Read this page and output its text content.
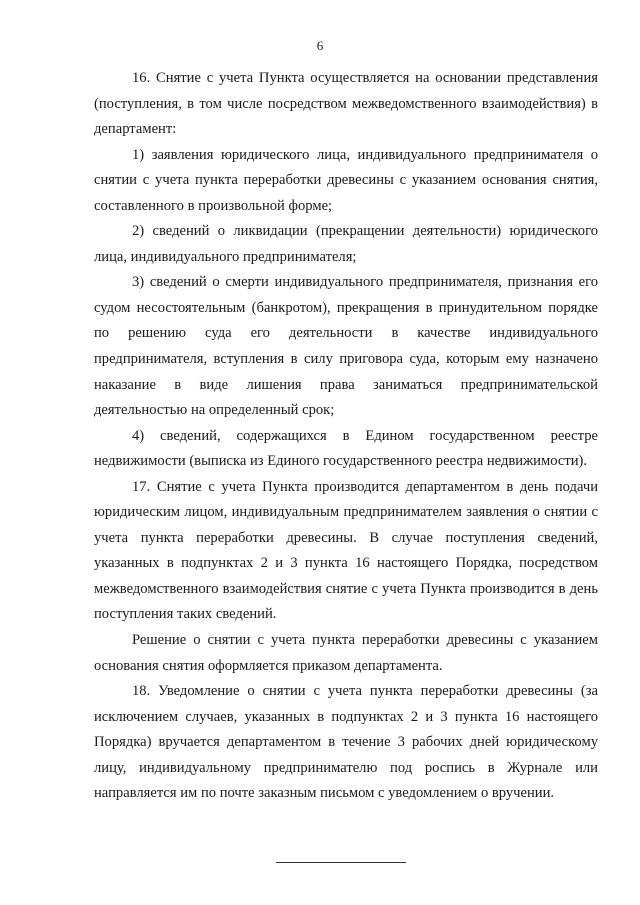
6

16. Снятие с учета Пункта осуществляется на основании представления (поступления, в том числе посредством межведомственного взаимодействия) в департамент:

1) заявления юридического лица, индивидуального предпринимателя о снятии с учета пункта переработки древесины с указанием основания снятия, составленного в произвольной форме;

2) сведений о ликвидации (прекращении деятельности) юридического лица, индивидуального предпринимателя;

3) сведений о смерти индивидуального предпринимателя, признания его судом несостоятельным (банкротом), прекращения в принудительном порядке по решению суда его деятельности в качестве индивидуального предпринимателя, вступления в силу приговора суда, которым ему назначено наказание в виде лишения права заниматься предпринимательской деятельностью на определенный срок;

4) сведений, содержащихся в Едином государственном реестре недвижимости (выписка из Единого государственного реестра недвижимости).

17. Снятие с учета Пункта производится департаментом в день подачи юридическим лицом, индивидуальным предпринимателем заявления о снятии с учета пункта переработки древесины. В случае поступления сведений, указанных в подпунктах 2 и 3 пункта 16 настоящего Порядка, посредством межведомственного взаимодействия снятие с учета Пункта производится в день поступления таких сведений.

Решение о снятии с учета пункта переработки древесины с указанием основания снятия оформляется приказом департамента.

18. Уведомление о снятии с учета пункта переработки древесины (за исключением случаев, указанных в подпунктах 2 и 3 пункта 16 настоящего Порядка) вручается департаментом в течение 3 рабочих дней юридическому лицу, индивидуальному предпринимателю под роспись в Журнале или направляется им по почте заказным письмом с уведомлением о вручении.
